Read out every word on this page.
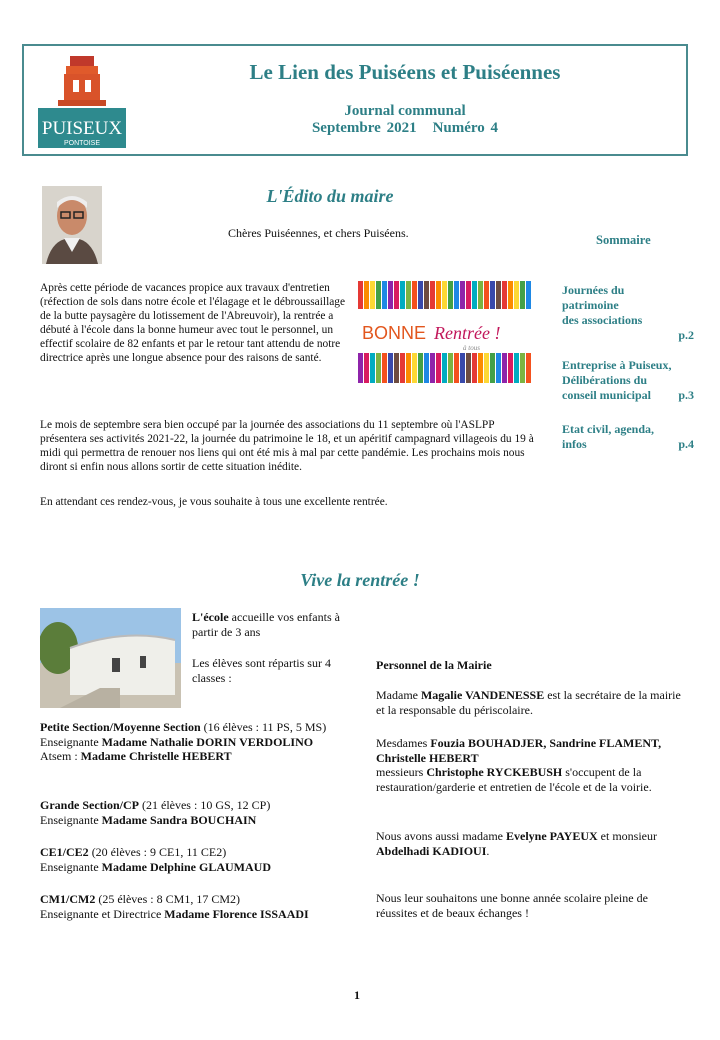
PUISEUX
PONTOISE
Le Lien des Puiséens et Puiséennes
Journal communal
Septembre 2021 Numéro 4
L'Édito du maire
Chères Puiséennes, et chers Puiséens.	Sommaire
Après cette période de vacances propice aux travaux d'entretien (réfection de sols dans notre école et l'élagage et le débroussaillage de la butte paysagère du lotissement de l'Abreuvoir), la rentrée a débuté à l'école dans la bonne humeur avec tout le personnel, un effectif scolaire de 82 enfants et par le retour tant attendu de notre directrice après une longue absence pour des raisons de santé.
BONNE Rentrée !
à tous
Le mois de septembre sera bien occupé par la journée des associations du 11 septembre où l'ASLPP présentera ses activités 2021-22, la journée du patrimoine le 18, et un apéritif campagnard villageois du 19 à midi qui permettra de renouer nos liens qui ont été mis à mal par cette pandémie. Les prochains mois nous diront si enfin nous allons sortir de cette situation inédite.
En attendant ces rendez-vous, je vous souhaite à tous une excellente rentrée.
Journées du
patrimoine
des associations
p.2

Entreprise à Puiseux,
Délibérations du
conseil municipal p.3
Etat civil, agenda,
infos	p.4
Vive la rentrée !
L'école accueille vos enfants à partir de 3 ans
Les élèves sont répartis sur 4 classes :
Petite Section/Moyenne Section (16 élèves : 11 PS, 5 MS) Enseignante Madame Nathalie DORIN VERDOLINO
Atsem : Madame Christelle HEBERT
Grande Section/CP (21 élèves : 10 GS, 12 CP)
Enseignante Madame Sandra BOUCHAIN
CE1/CE2 (20 élèves : 9 CE1, 11 CE2)
Enseignante Madame Delphine GLAUMAUD
CM1/CM2 (25 élèves : 8 CM1, 17 CM2)
Enseignante et Directrice Madame Florence ISSAADI
Personnel de la Mairie
Madame Magalie VANDENESSE est la secrétaire de la mairie et la responsable du périscolaire.
Mesdames Fouzia BOUHADJER, Sandrine FLAMENT, Christelle HEBERT
messieurs Christophe RYCKEBUSH s'occupent de la restauration/garderie et entretien de l'école et de la voirie.
Nous avons aussi madame Evelyne PAYEUX et monsieur Abdelhadi KADIOUI.
Nous leur souhaitons une bonne année scolaire pleine de réussites et de beaux échanges !
1
